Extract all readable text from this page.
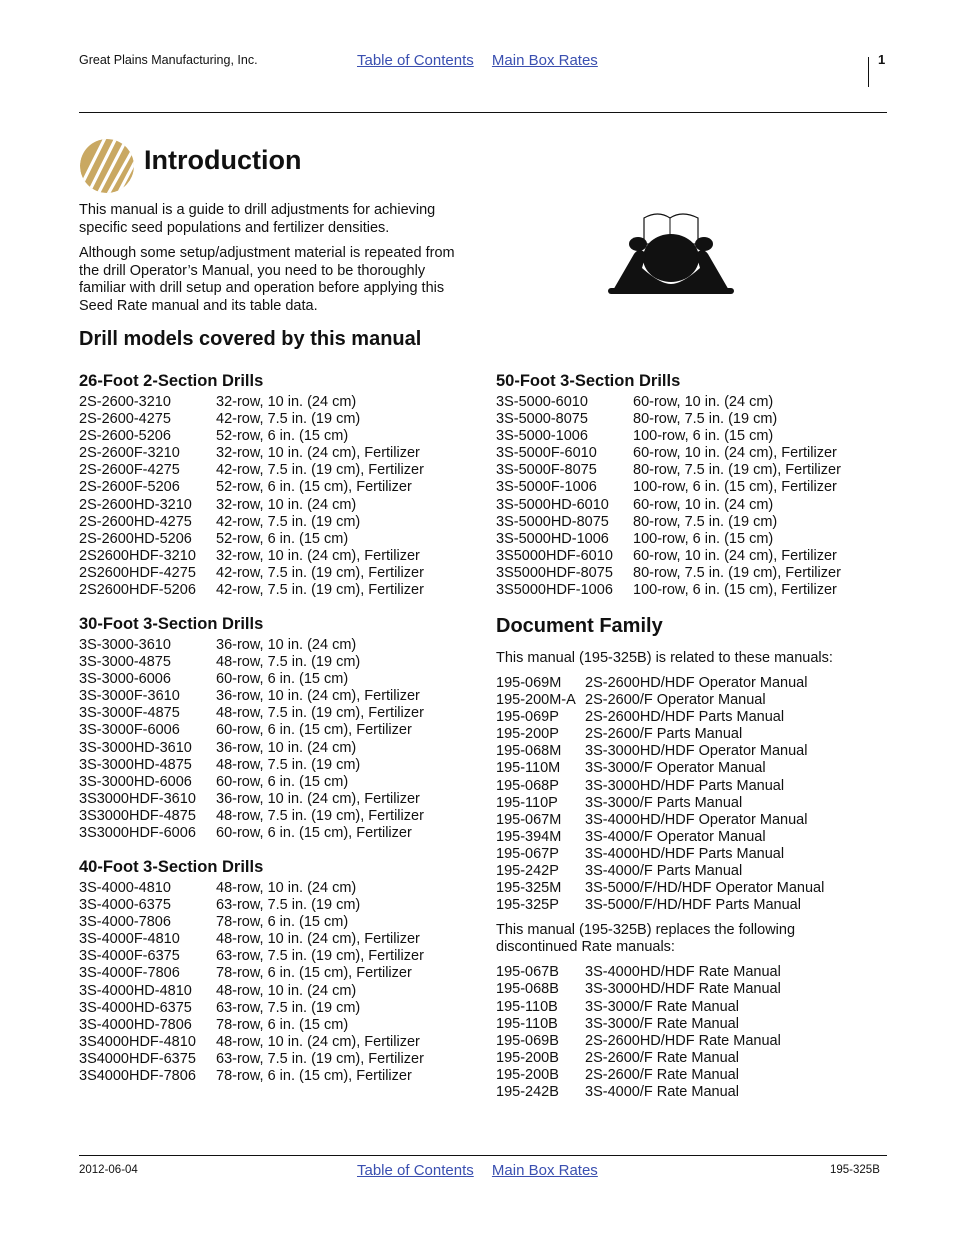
Great Plains Manufacturing, Inc.	Table of Contents Main Box Rates	1
Introduction

This manual is a guide to drill adjustments for achieving specific seed populations and fertilizer densities.

Although some setup/adjustment material is repeated from the drill Operator’s Manual, you need to be thoroughly familiar with drill setup and operation before applying this Seed Rate manual and its table data.

Drill models covered by this manual
26-Foot 2-Section Drills
2S-2600-3210	32-row, 10 in. (24 cm)
2S-2600-4275	42-row, 7.5 in. (19 cm)
2S-2600-5206	52-row, 6 in. (15 cm)
2S-2600F-3210	32-row, 10 in. (24 cm), Fertilizer
2S-2600F-4275	42-row, 7.5 in. (19 cm), Fertilizer
2S-2600F-5206	52-row, 6 in. (15 cm), Fertilizer
2S-2600HD-3210	32-row, 10 in. (24 cm)
2S-2600HD-4275	42-row, 7.5 in. (19 cm)
2S-2600HD-5206	52-row, 6 in. (15 cm)
2S2600HDF-3210	32-row, 10 in. (24 cm), Fertilizer
2S2600HDF-4275	42-row, 7.5 in. (19 cm), Fertilizer
2S2600HDF-5206	42-row, 7.5 in. (19 cm), Fertilizer
30-Foot 3-Section Drills
3S-3000-3610	36-row, 10 in. (24 cm)
3S-3000-4875	48-row, 7.5 in. (19 cm)
3S-3000-6006	60-row, 6 in. (15 cm)
3S-3000F-3610	36-row, 10 in. (24 cm), Fertilizer
3S-3000F-4875	48-row, 7.5 in. (19 cm), Fertilizer
3S-3000F-6006	60-row, 6 in. (15 cm), Fertilizer
3S-3000HD-3610	36-row, 10 in. (24 cm)
3S-3000HD-4875	48-row, 7.5 in. (19 cm)
3S-3000HD-6006	60-row, 6 in. (15 cm)
3S3000HDF-3610	36-row, 10 in. (24 cm), Fertilizer
3S3000HDF-4875	48-row, 7.5 in. (19 cm), Fertilizer
3S3000HDF-6006	60-row, 6 in. (15 cm), Fertilizer
40-Foot 3-Section Drills
3S-4000-4810	48-row, 10 in. (24 cm)
3S-4000-6375	63-row, 7.5 in. (19 cm)
3S-4000-7806	78-row, 6 in. (15 cm)
3S-4000F-4810	48-row, 10 in. (24 cm), Fertilizer
3S-4000F-6375	63-row, 7.5 in. (19 cm), Fertilizer
3S-4000F-7806	78-row, 6 in. (15 cm), Fertilizer
3S-4000HD-4810	48-row, 10 in. (24 cm)
3S-4000HD-6375	63-row, 7.5 in. (19 cm)
3S-4000HD-7806	78-row, 6 in. (15 cm)
3S4000HDF-4810	48-row, 10 in. (24 cm), Fertilizer
3S4000HDF-6375	63-row, 7.5 in. (19 cm), Fertilizer
3S4000HDF-7806	78-row, 6 in. (15 cm), Fertilizer
50-Foot 3-Section Drills
3S-5000-6010	60-row, 10 in. (24 cm)
3S-5000-8075	80-row, 7.5 in. (19 cm)
3S-5000-1006	100-row, 6 in. (15 cm)
3S-5000F-6010	60-row, 10 in. (24 cm), Fertilizer
3S-5000F-8075	80-row, 7.5 in. (19 cm), Fertilizer
3S-5000F-1006	100-row, 6 in. (15 cm), Fertilizer
3S-5000HD-6010	60-row, 10 in. (24 cm)
3S-5000HD-8075	80-row, 7.5 in. (19 cm)
3S-5000HD-1006	100-row, 6 in. (15 cm)
3S5000HDF-6010	60-row, 10 in. (24 cm), Fertilizer
3S5000HDF-8075	80-row, 7.5 in. (19 cm), Fertilizer
3S5000HDF-1006	100-row, 6 in. (15 cm), Fertilizer
Document Family

This manual (195-325B) is related to these manuals:

195-069M	2S-2600HD/HDF Operator Manual
195-200M-A 2S-2600/F Operator Manual
195-069P	2S-2600HD/HDF Parts Manual
195-200P	2S-2600/F Parts Manual
195-068M	3S-3000HD/HDF Operator Manual
195-110M	3S-3000/F Operator Manual
195-068P	3S-3000HD/HDF Parts Manual
195-110P	3S-3000/F Parts Manual
195-067M	3S-4000HD/HDF Operator Manual
195-394M	3S-4000/F Operator Manual
195-067P	3S-4000HD/HDF Parts Manual
195-242P	3S-4000/F Parts Manual
195-325M	3S-5000/F/HD/HDF Operator Manual
195-325P	3S-5000/F/HD/HDF Parts Manual

This manual (195-325B) replaces the following discontinued Rate manuals:

195-067B	3S-4000HD/HDF Rate Manual
195-068B	3S-3000HD/HDF Rate Manual
195-110B	3S-3000/F Rate Manual
195-110B	3S-3000/F Rate Manual
195-069B	2S-2600HD/HDF Rate Manual
195-200B	2S-2600/F Rate Manual
195-200B	2S-2600/F Rate Manual
195-242B	3S-4000/F Rate Manual
2012-06-04	Table of Contents Main Box Rates	195-325B
